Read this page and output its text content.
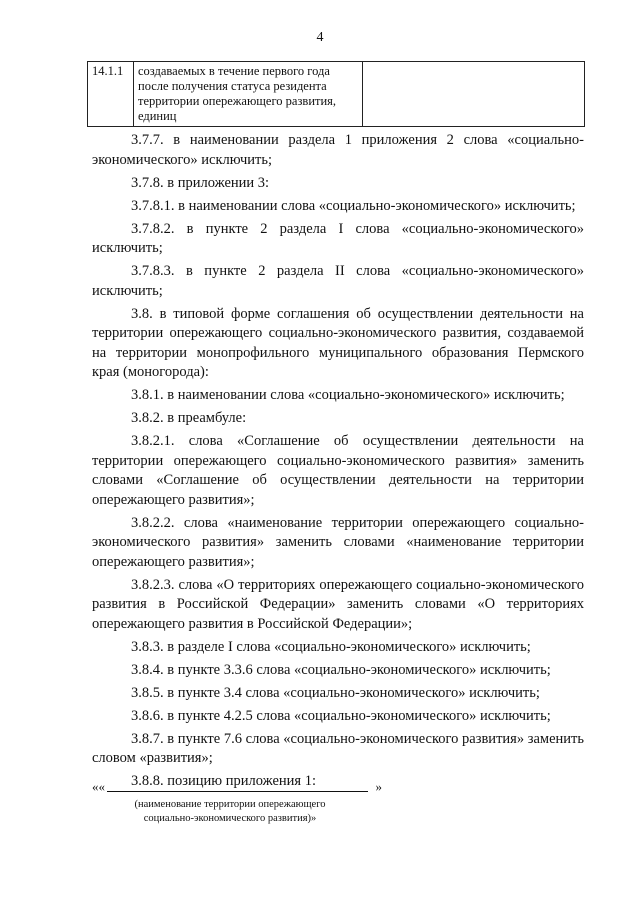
4
14.1.1	создаваемых в течение первого года
после получения статуса резидента
территории опережающего развития,
единиц

3.7.7. в наименовании раздела 1 приложения 2 слова «социально-экономического» исключить;

3.7.8. в приложении 3:

3.7.8.1. в наименовании слова «социально-экономического» исключить;

3.7.8.2. в пункте 2 раздела I слова «социально-экономического» исключить;

3.7.8.3. в пункте 2 раздела II слова «социально-экономического» исключить;

3.8. в типовой форме соглашения об осуществлении деятельности на территории опережающего социально-экономического развития, создаваемой на территории монопрофильного муниципального образования Пермского края (моногорода):

3.8.1. в наименовании слова «социально-экономического» исключить;

3.8.2. в преамбуле:

3.8.2.1. слова «Соглашение об осуществлении деятельности на территории опережающего социально-экономического развития» заменить словами «Соглашение об осуществлении деятельности на территории опережающего развития»;

3.8.2.2. слова «наименование территории опережающего социально-экономического развития» заменить словами «наименование территории опережающего развития»;

3.8.2.3. слова «О территориях опережающего социально-экономического развития в Российской Федерации» заменить словами «О территориях опережающего развития в Российской Федерации»;

3.8.3. в разделе I слова «социально-экономического» исключить;

3.8.4. в пункте 3.3.6 слова «социально-экономического» исключить;

3.8.5. в пункте 3.4 слова «социально-экономического» исключить;

3.8.6. в пункте 4.2.5 слова «социально-экономического» исключить;

3.8.7. в пункте 7.6 слова «социально-экономического развития» заменить словом «развития»;

3.8.8. позицию приложения 1:

««	»
(наименование территории опережающего
социально-экономического развития)»
